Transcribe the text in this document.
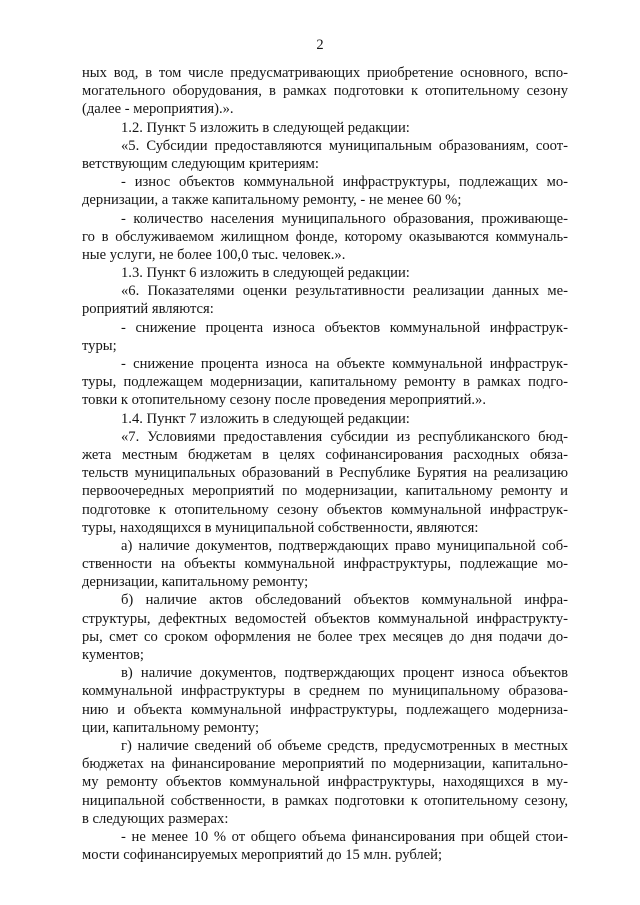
2
ных вод, в том числе предусматривающих приобретение основного, вспо-
могательного оборудования, в рамках подготовки к отопительному сезону
(далее - мероприятия).».
1.2. Пункт 5 изложить в следующей редакции:
«5. Субсидии предоставляются муниципальным образованиям, соот-
ветствующим следующим критериям:
- износ объектов коммунальной инфраструктуры, подлежащих мо-
дернизации, а также капитальному ремонту, - не менее 60 %;
- количество населения муниципального образования, проживающе-
го в обслуживаемом жилищном фонде, которому оказываются коммуналь-
ные услуги, не более 100,0 тыс. человек.».
1.3. Пункт 6 изложить в следующей редакции:
«6. Показателями оценки результативности реализации данных ме-
роприятий являются:
- снижение процента износа объектов коммунальной инфраструк-
туры;
- снижение процента износа на объекте коммунальной инфраструк-
туры, подлежащем модернизации, капитальному ремонту в рамках подго-
товки к отопительному сезону после проведения мероприятий.».
1.4. Пункт 7 изложить в следующей редакции:
«7. Условиями предоставления субсидии из республиканского бюд-
жета местным бюджетам в целях софинансирования расходных обяза-
тельств муниципальных образований в Республике Бурятия на реализацию
первоочередных мероприятий по модернизации, капитальному ремонту и
подготовке к отопительному сезону объектов коммунальной инфраструк-
туры, находящихся в муниципальной собственности, являются:
а) наличие документов, подтверждающих право муниципальной соб-
ственности на объекты коммунальной инфраструктуры, подлежащие мо-
дернизации, капитальному ремонту;
б) наличие актов обследований объектов коммунальной инфра-
структуры, дефектных ведомостей объектов коммунальной инфраструкту-
ры, смет со сроком оформления не более трех месяцев до дня подачи до-
кументов;
в) наличие документов, подтверждающих процент износа объектов
коммунальной инфраструктуры в среднем по муниципальному образова-
нию и объекта коммунальной инфраструктуры, подлежащего модерниза-
ции, капитальному ремонту;
г) наличие сведений об объеме средств, предусмотренных в местных
бюджетах на финансирование мероприятий по модернизации, капитально-
му ремонту объектов коммунальной инфраструктуры, находящихся в му-
ниципальной собственности, в рамках подготовки к отопительному сезону,
в следующих размерах:
- не менее 10 % от общего объема финансирования при общей стои-
мости софинансируемых мероприятий до 15 млн. рублей;
